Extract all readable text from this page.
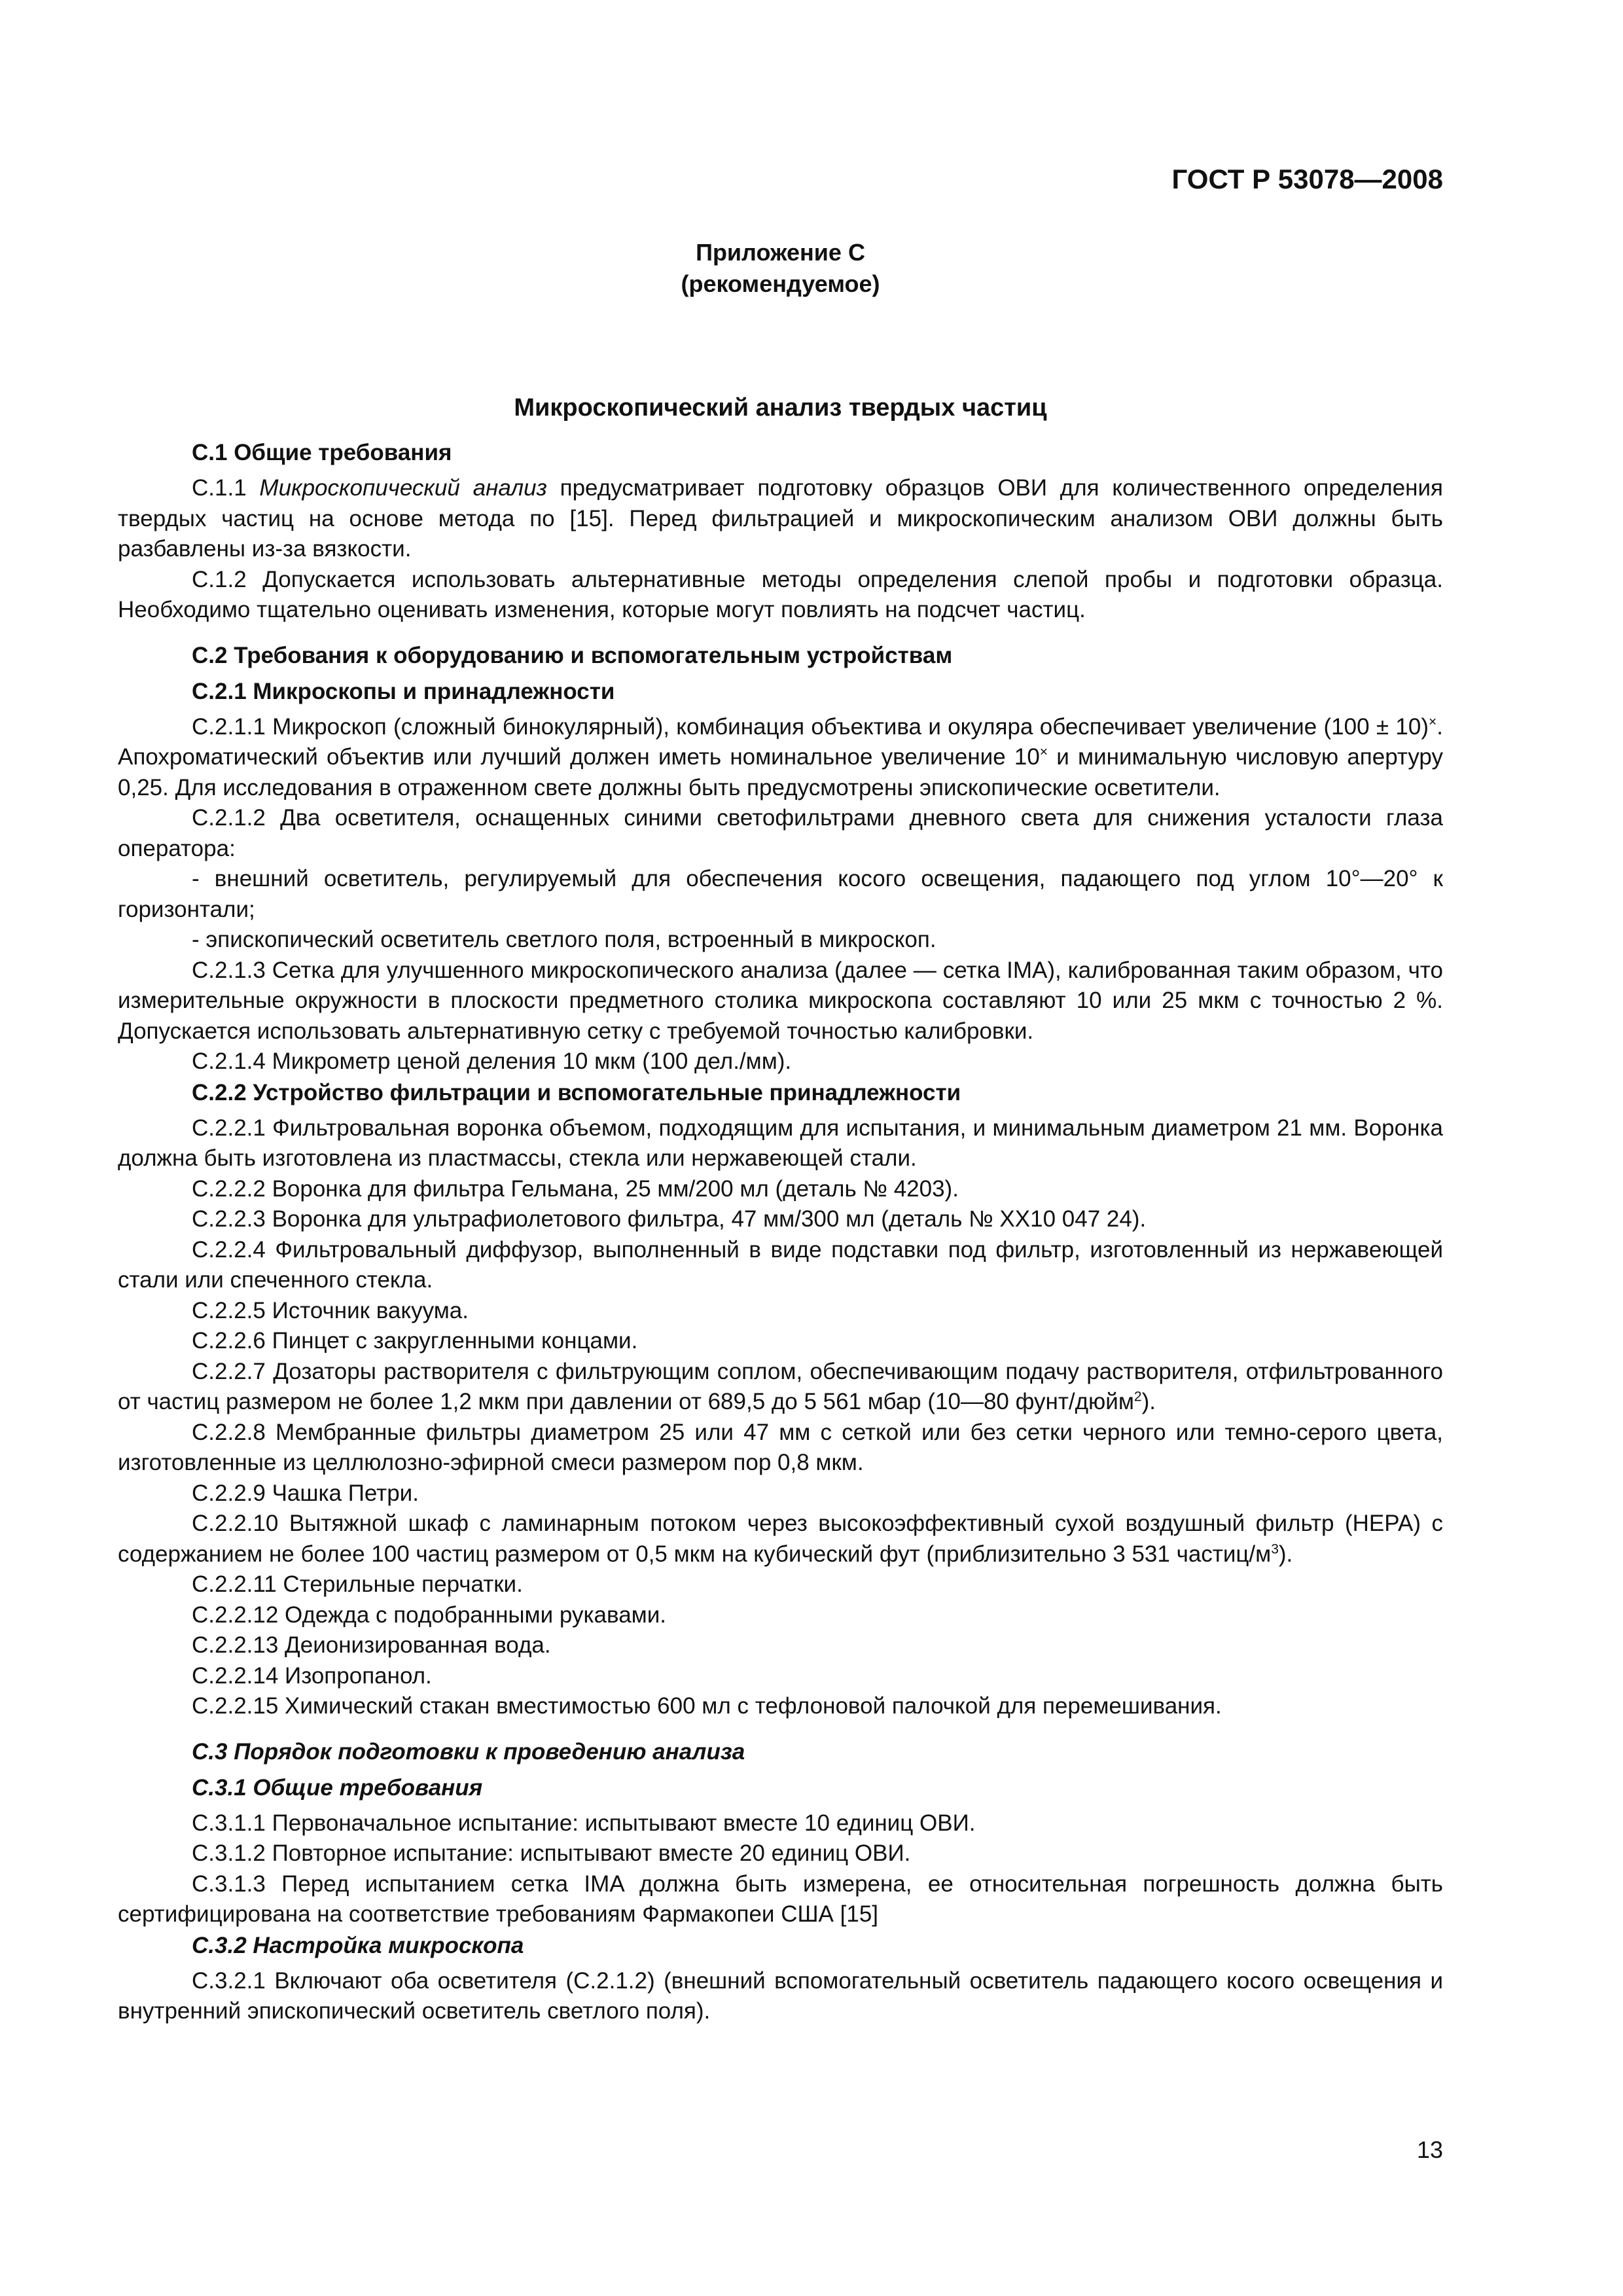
ГОСТ Р 53078—2008
Приложение С
(рекомендуемое)
Микроскопический анализ твердых частиц
С.1 Общие требования

С.1.1 Микроскопический анализ предусматривает подготовку образцов ОВИ для количественного определения твердых частиц на основе метода по [15]. Перед фильтрацией и микроскопическим анализом ОВИ должны быть разбавлены из-за вязкости.

С.1.2 Допускается использовать альтернативные методы определения слепой пробы и подготовки образца. Необходимо тщательно оценивать изменения, которые могут повлиять на подсчет частиц.

С.2 Требования к оборудованию и вспомогательным устройствам
С.2.1 Микроскопы и принадлежности

С.2.1.1 Микроскоп (сложный бинокулярный), комбинация объектива и окуляра обеспечивает увеличение (100 ± 10)×. Апохроматический объектив или лучший должен иметь номинальное увеличение 10× и минимальную числовую апертуру 0,25. Для исследования в отраженном свете должны быть предусмотрены эпископические осветители.

С.2.1.2 Два осветителя, оснащенных синими светофильтрами дневного света для снижения усталости глаза оператора:

- внешний осветитель, регулируемый для обеспечения косого освещения, падающего под углом 10°—20° к горизонтали;

- эпископический осветитель светлого поля, встроенный в микроскоп.

С.2.1.3 Сетка для улучшенного микроскопического анализа (далее — сетка IMA), калиброванная таким образом, что измерительные окружности в плоскости предметного столика микроскопа составляют 10 или 25 мкм с точностью 2 %. Допускается использовать альтернативную сетку с требуемой точностью калибровки.

С.2.1.4 Микрометр ценой деления 10 мкм (100 дел./мм).

С.2.2 Устройство фильтрации и вспомогательные принадлежности

С.2.2.1 Фильтровальная воронка объемом, подходящим для испытания, и минимальным диаметром 21 мм. Воронка должна быть изготовлена из пластмассы, стекла или нержавеющей стали.

С.2.2.2 Воронка для фильтра Гельмана, 25 мм/200 мл (деталь № 4203).

С.2.2.3 Воронка для ультрафиолетового фильтра, 47 мм/300 мл (деталь № XX10 047 24).

С.2.2.4 Фильтровальный диффузор, выполненный в виде подставки под фильтр, изготовленный из нержавеющей стали или спеченного стекла.

С.2.2.5 Источник вакуума.

С.2.2.6 Пинцет с закругленными концами.

С.2.2.7 Дозаторы растворителя с фильтрующим соплом, обеспечивающим подачу растворителя, отфильтрованного от частиц размером не более 1,2 мкм при давлении от 689,5 до 5 561 мбар (10—80 фунт/дюйм$^2$).

С.2.2.8 Мембранные фильтры диаметром 25 или 47 мм с сеткой или без сетки черного или темно-серого цвета, изготовленные из целлюлозно-эфирной смеси размером пор 0,8 мкм.

С.2.2.9 Чашка Петри.

С.2.2.10 Вытяжной шкаф с ламинарным потоком через высокоэффективный сухой воздушный фильтр (HEPA) с содержанием не более 100 частиц размером от 0,5 мкм на кубический фут (приблизительно 3 531 частиц/$м^3$).

С.2.2.11 Стерильные перчатки.

С.2.2.12 Одежда с подобранными рукавами.

С.2.2.13 Деионизированная вода.

С.2.2.14 Изопропанол.

С.2.2.15 Химический стакан вместимостью 600 мл с тефлоновой палочкой для перемешивания.

С.3 Порядок подготовки к проведению анализа
С.3.1 Общие требования

С.3.1.1 Первоначальное испытание: испытывают вместе 10 единиц ОВИ.

С.3.1.2 Повторное испытание: испытывают вместе 20 единиц ОВИ.

С.3.1.3 Перед испытанием сетка IMA должна быть измерена, ее относительная погрешность должна быть сертифицирована на соответствие требованиям Фармакопеи США [15]

С.3.2 Настройка микроскопа

С.3.2.1 Включают оба осветителя (С.2.1.2) (внешний вспомогательный осветитель падающего косого освещения и внутренний эпископический осветитель светлого поля).

13
